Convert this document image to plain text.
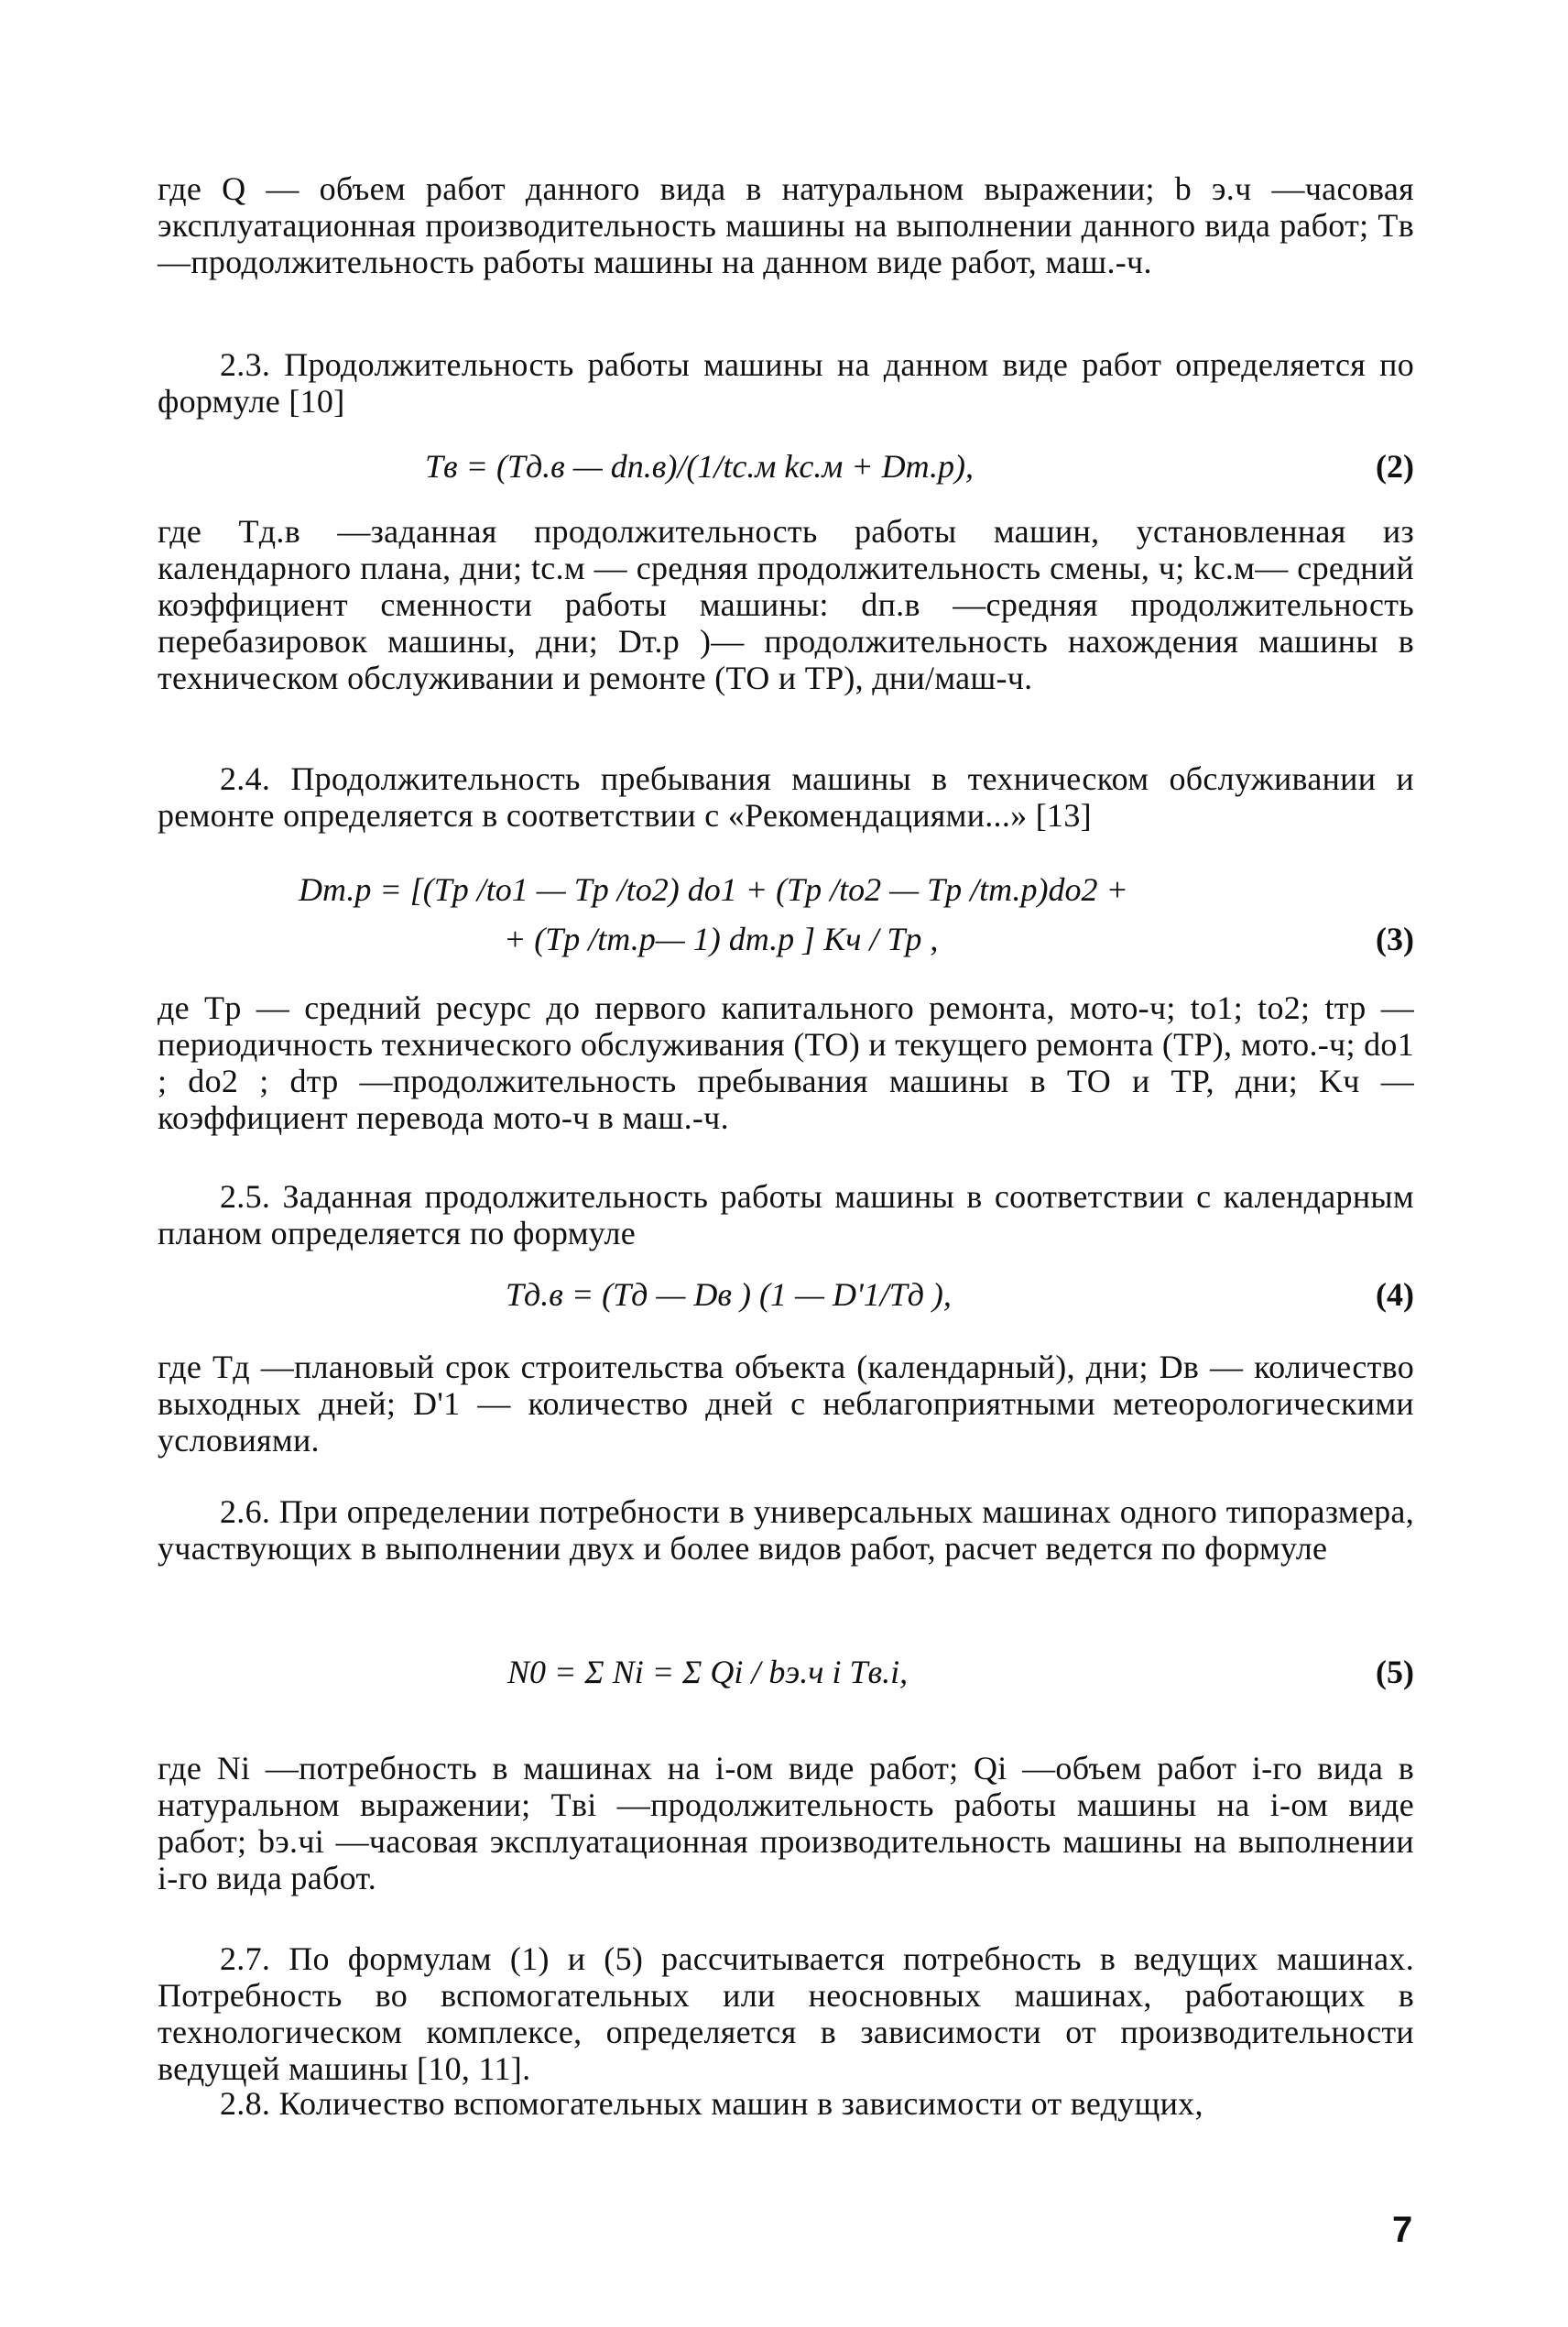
где Q — объем работ данного вида в натуральном выражении; b э.ч —часовая эксплуатационная производительность машины на выполнении данного вида работ; Tв —продолжительность работы машины на данном виде работ, маш.-ч.

2.3. Продолжительность работы машины на данном виде работ определяется по формуле [10]

Tв = (Tд.в — dп.в)/(1/tс.м kс.м + Dт.р),	(2)

где Tд.в —заданная продолжительность работы машин, установленная из календарного плана, дни; tс.м — средняя продолжительность смены, ч; kс.м— средний коэффициент сменности работы машины: dп.в —средняя продолжительность перебазировок машины, дни; Dт.р )— продолжительность нахождения машины в техническом обслуживании и ремонте (ТО и ТР), дни/маш-ч.

2.4. Продолжительность пребывания машины в техническом обслуживании и ремонте определяется в соответствии с «Рекомендациями...» [13]

Dт.р = [(Tр /tо1 — Tр /tо2) dо1 + (Tр /tо2 — Tр /tт.р)dо2 +
+ (Tр /tт.р— 1) dт.р ] Kч / Tр ,	(3)

де Tр — средний ресурс до первого капитального ремонта, мото-ч; tо1; tо2; tтр —периодичность технического обслуживания (ТО) и текущего ремонта (ТР), мото.-ч; dо1 ; dо2 ; dтр —продолжительность пребывания машины в ТО и ТР, дни; Kч — коэффициент перевода мото-ч в маш.-ч.

2.5. Заданная продолжительность работы машины в соответствии с календарным планом определяется по формуле

Tд.в = (Tд — Dв ) (1 — D'1/Tд ),	(4)

где Tд —плановый срок строительства объекта (календарный), дни; Dв — количество выходных дней; D'1 — количество дней с неблагоприятными метеорологическими условиями.

2.6. При определении потребности в универсальных машинах одного типоразмера, участвующих в выполнении двух и более видов работ, расчет ведется по формуле

N0 = Σ Ni = Σ Qi / bэ.ч i Tв.i,	(5)

где Ni —потребность в машинах на i-ом виде работ; Qi —объем работ i-го вида в натуральном выражении; Tвi —продолжительность работы машины на i-ом виде работ; bэ.чi —часовая эксплуатационная производительность машины на выполнении i-го вида работ.

2.7. По формулам (1) и (5) рассчитывается потребность в ведущих машинах. Потребность во вспомогательных или неосновных машинах, работающих в технологическом комплексе, определяется в зависимости от производительности ведущей машины [10, 11].

2.8. Количество вспомогательных машин в зависимости от ведущих,

7
